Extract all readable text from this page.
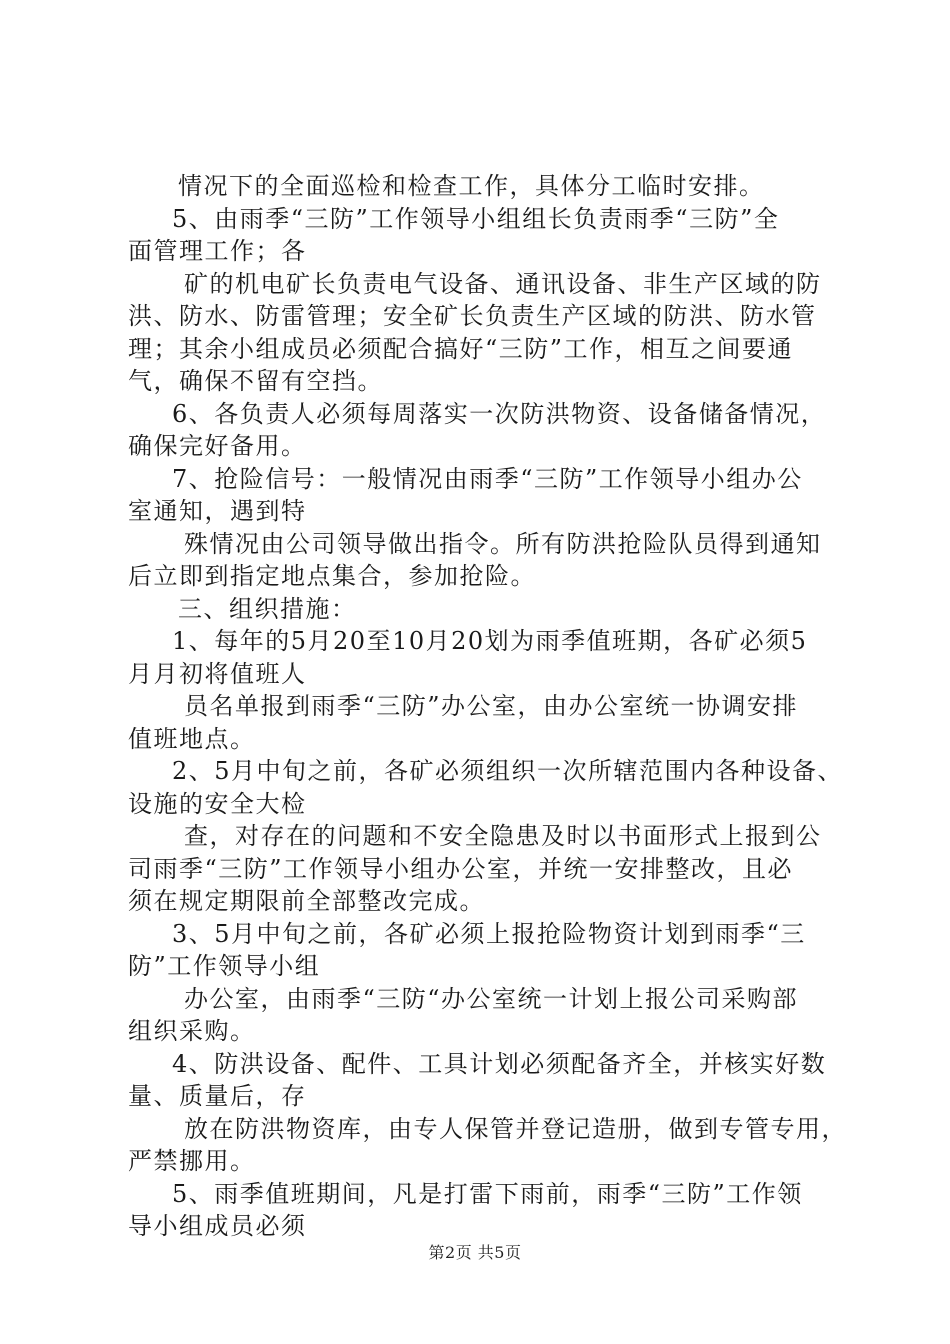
情况下的全面巡检和检查工作，具体分工临时安排。
5、由雨季“三防”工作领导小组组长负责雨季“三防”全
面管理工作；各
矿的机电矿长负责电气设备、通讯设备、非生产区域的防
洪、防水、防雷管理；安全矿长负责生产区域的防洪、防水管
理；其余小组成员必须配合搞好“三防”工作，相互之间要通
气，确保不留有空挡。
6、各负责人必须每周落实一次防洪物资、设备储备情况，
确保完好备用。
7、抢险信号：一般情况由雨季“三防”工作领导小组办公
室通知，遇到特
殊情况由公司领导做出指令。所有防洪抢险队员得到通知
后立即到指定地点集合，参加抢险。
三、组织措施：
1、每年的5月20至10月20划为雨季值班期，各矿必须5
月月初将值班人
员名单报到雨季“三防”办公室，由办公室统一协调安排
值班地点。
2、5月中旬之前，各矿必须组织一次所辖范围内各种设备、
设施的安全大检
查，对存在的问题和不安全隐患及时以书面形式上报到公
司雨季“三防”工作领导小组办公室，并统一安排整改，且必
须在规定期限前全部整改完成。
3、5月中旬之前，各矿必须上报抢险物资计划到雨季“三
防”工作领导小组
办公室，由雨季“三防“办公室统一计划上报公司采购部
组织采购。
4、防洪设备、配件、工具计划必须配备齐全，并核实好数
量、质量后，存
放在防洪物资库，由专人保管并登记造册，做到专管专用，
严禁挪用。
5、雨季值班期间，凡是打雷下雨前，雨季“三防”工作领
导小组成员必须
第2页 共5页
